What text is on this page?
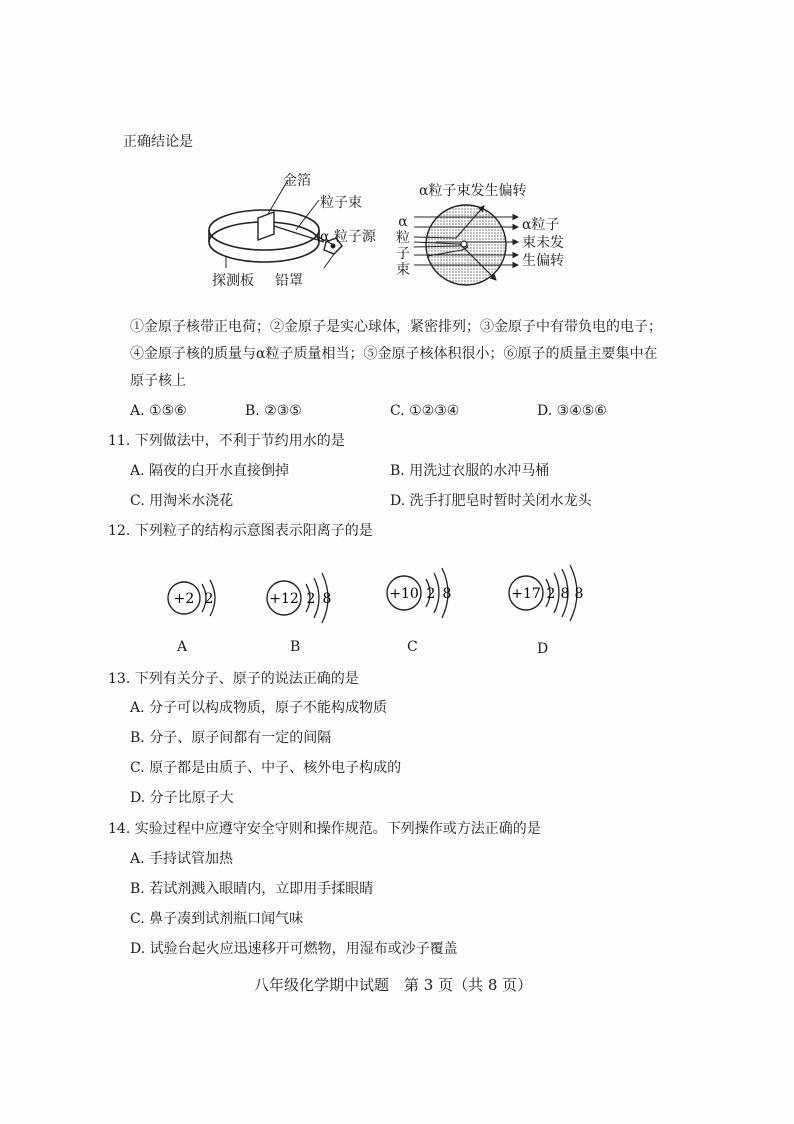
正确结论是
金箔
粒子束
α 粒子源
探测板 铅罩
α粒子束发生偏转
α
粒
子
束
α粒子
束未发
生偏转
①金原子核带正电荷；②金原子是实心球体，紧密排列；③金原子中有带负电的电子；
④金原子核的质量与α粒子质量相当；⑤金原子核体积很小；⑥原子的质量主要集中在
原子核上
A. ①⑤⑥	B. ②③⑤	C. ①②③④	D. ③④⑤⑥
11. 下列做法中，不利于节约用水的是
A. 隔夜的白开水直接倒掉	B. 用洗过衣服的水冲马桶
C. 用淘米水浇花	D. 洗手打肥皂时暂时关闭水龙头
12. 下列粒子的结构示意图表示阳离子的是
+2 2
A
+12 2 8
B
+10 2 8
C
+17 2 8 8
D
13. 下列有关分子、原子的说法正确的是
A. 分子可以构成物质，原子不能构成物质
B. 分子、原子间都有一定的间隔
C. 原子都是由质子、中子、核外电子构成的
D. 分子比原子大
14. 实验过程中应遵守安全守则和操作规范。下列操作或方法正确的是
A. 手持试管加热
B. 若试剂溅入眼睛内，立即用手揉眼睛
C. 鼻子凑到试剂瓶口闻气味
D. 试验台起火应迅速移开可燃物，用湿布或沙子覆盖
八年级化学期中试题　第 3 页（共 8 页）
